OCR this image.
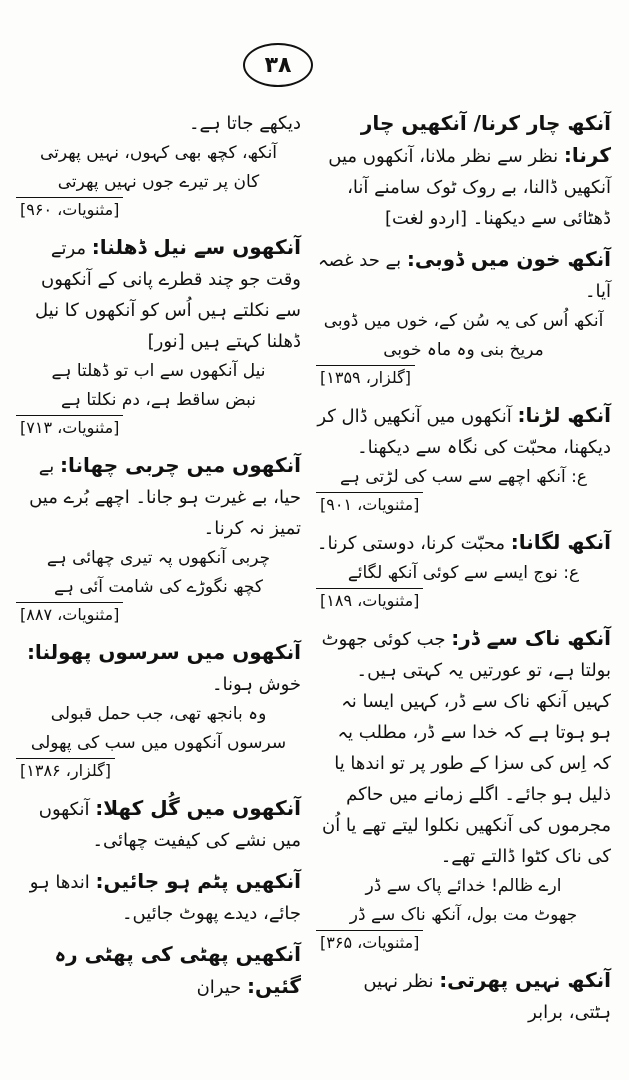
۳۸
آنکھ چار کرنا/ آنکھیں چار کرنا: نظر سے نظر ملانا، آنکھوں میں آنکھیں ڈالنا، بے روک ٹوک سامنے آنا، ڈھٹائی سے دیکھنا۔ [اردو لغت]
آنکھ خون میں ڈوبی: بے حد غصہ آیا۔
آنکھ اُس کی یہ سُن کے، خوں میں ڈوبی
مریخ بنی وہ ماہ خوبی
[گلزار، ۱۳۵۹]
آنکھ لڑنا: آنکھوں میں آنکھیں ڈال کر دیکھنا، محبّت کی نگاہ سے دیکھنا۔
ع: آنکھ اچھے سے سب کی لڑتی ہے
[مثنویات، ۹۰۱]
آنکھ لگانا: محبّت کرنا، دوستی کرنا۔
ع: نوج ایسے سے کوئی آنکھ لگائے
[مثنویات، ۱۸۹]
آنکھ ناک سے ڈر: جب کوئی جھوٹ بولتا ہے، تو عورتیں یہ کہتی ہیں۔ کہیں آنکھ ناک سے ڈر، کہیں ایسا نہ ہو ہوتا ہے کہ خدا سے ڈر، مطلب یہ کہ اِس کی سزا کے طور پر تو اندھا یا ذلیل ہو جائے۔ اگلے زمانے میں حاکم مجرموں کی آنکھیں نکلوا لیتے تھے یا اُن کی ناک کٹوا ڈالتے تھے۔
ارے ظالم! خدائے پاک سے ڈر
جھوٹ مت بول، آنکھ ناک سے ڈر
[مثنویات، ۳۶۵]
آنکھ نہیں پھرتی: نظر نہیں ہٹتی، برابر
دیکھے جاتا ہے۔
آنکھ، کچھ بھی کہوں، نہیں پھرتی
کان پر تیرے جوں نہیں پھرتی
[مثنویات، ۹۶۰]
آنکھوں سے نیل ڈھلنا: مرتے وقت جو چند قطرے پانی کے آنکھوں سے نکلتے ہیں اُس کو آنکھوں کا نیل ڈھلنا کہتے ہیں [نور]
نیل آنکھوں سے اب تو ڈھلتا ہے
نبض ساقط ہے، دم نکلتا ہے
[مثنویات، ۷۱۳]
آنکھوں میں چربی چھانا: بے حیا، بے غیرت ہو جانا۔ اچھے بُرے میں تمیز نہ کرنا۔
چربی آنکھوں پہ تیری چھائی ہے
کچھ نگوڑے کی شامت آئی ہے
[مثنویات، ۸۸۷]
آنکھوں میں سرسوں پھولنا: خوش ہونا۔
وہ بانجھ تھی، جب حمل قبولی
سرسوں آنکھوں میں سب کی پھولی
[گلزار، ۱۳۸۶]
آنکھوں میں گُل کھلا: آنکھوں میں نشے کی کیفیت چھائی۔
آنکھیں پٹم ہو جائیں: اندھا ہو جائے، دیدے پھوٹ جائیں۔
آنکھیں پھٹی کی پھٹی رہ گئیں: حیران
